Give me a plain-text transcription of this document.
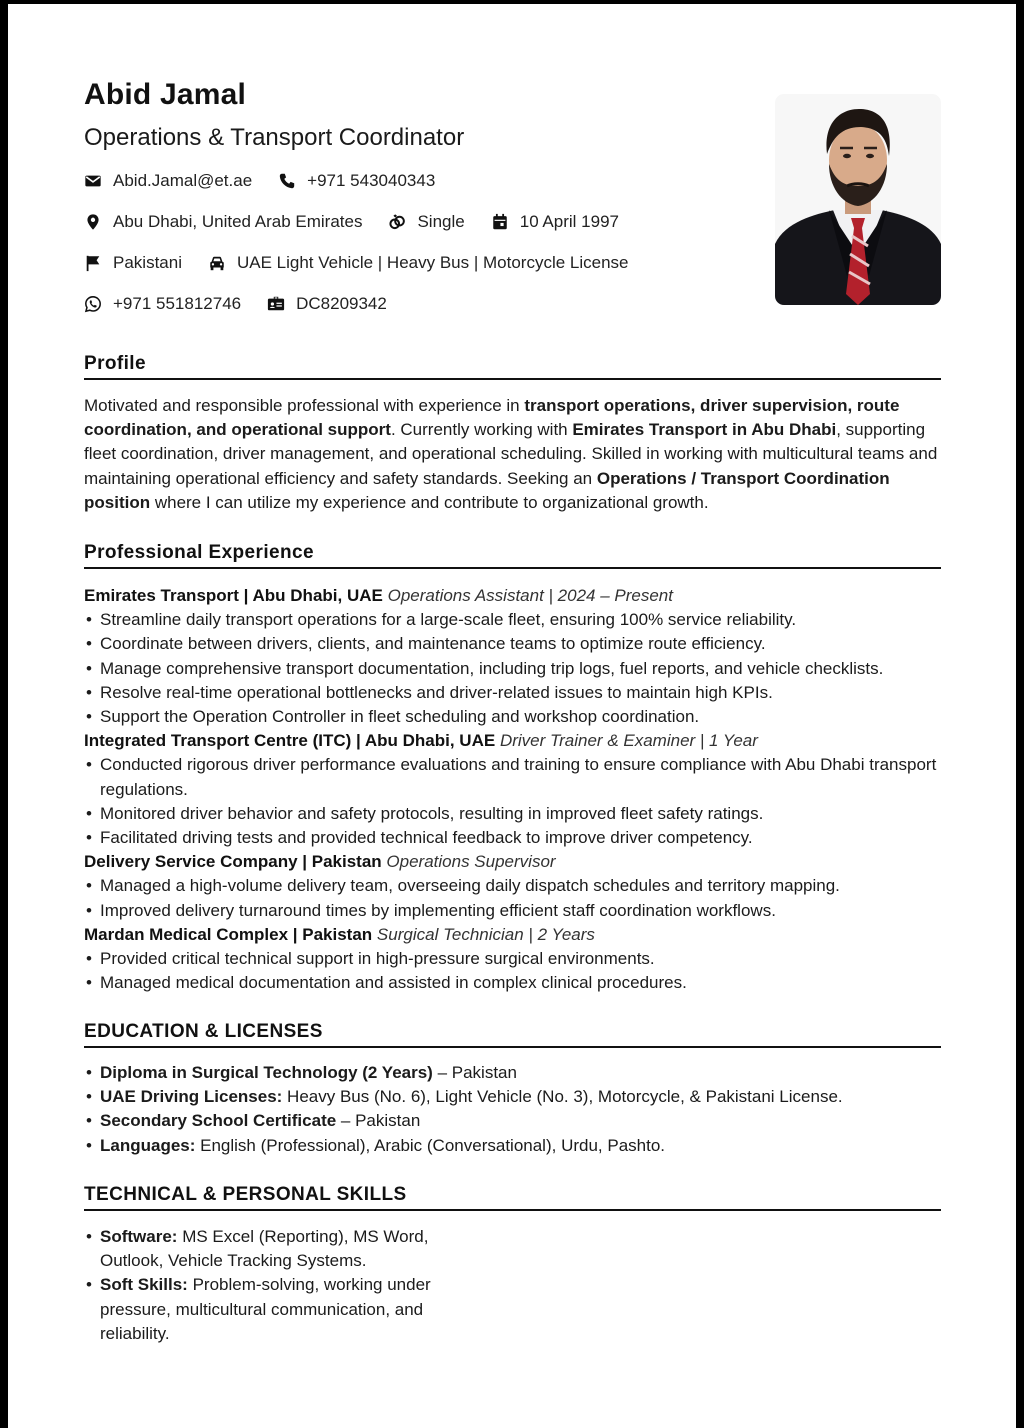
Abid Jamal
Operations & Transport Coordinator
Abid.Jamal@et.ae	+971 543040343
Abu Dhabi, United Arab Emirates	Single	10 April 1997
Pakistani	UAE Light Vehicle | Heavy Bus | Motorcycle License
+971 551812746	DC8209342
Profile
Motivated and responsible professional with experience in transport operations, driver supervision, route coordination, and operational support. Currently working with Emirates Transport in Abu Dhabi, supporting fleet coordination, driver management, and operational scheduling. Skilled in working with multicultural teams and maintaining operational efficiency and safety standards. Seeking an Operations / Transport Coordination position where I can utilize my experience and contribute to organizational growth.
Professional Experience
Emirates Transport | Abu Dhabi, UAE Operations Assistant | 2024 – Present
• Streamline daily transport operations for a large-scale fleet, ensuring 100% service reliability.
• Coordinate between drivers, clients, and maintenance teams to optimize route efficiency.
• Manage comprehensive transport documentation, including trip logs, fuel reports, and vehicle checklists.
• Resolve real-time operational bottlenecks and driver-related issues to maintain high KPIs.
• Support the Operation Controller in fleet scheduling and workshop coordination.
Integrated Transport Centre (ITC) | Abu Dhabi, UAE Driver Trainer & Examiner | 1 Year
• Conducted rigorous driver performance evaluations and training to ensure compliance with Abu Dhabi transport regulations.
• Monitored driver behavior and safety protocols, resulting in improved fleet safety ratings.
• Facilitated driving tests and provided technical feedback to improve driver competency.
Delivery Service Company | Pakistan Operations Supervisor
• Managed a high-volume delivery team, overseeing daily dispatch schedules and territory mapping.
• Improved delivery turnaround times by implementing efficient staff coordination workflows.
Mardan Medical Complex | Pakistan Surgical Technician | 2 Years
• Provided critical technical support in high-pressure surgical environments.
• Managed medical documentation and assisted in complex clinical procedures.
EDUCATION & LICENSES
• Diploma in Surgical Technology (2 Years) – Pakistan
• UAE Driving Licenses: Heavy Bus (No. 6), Light Vehicle (No. 3), Motorcycle, & Pakistani License.
• Secondary School Certificate – Pakistan
• Languages: English (Professional), Arabic (Conversational), Urdu, Pashto.
TECHNICAL & PERSONAL SKILLS
• Software: MS Excel (Reporting), MS Word, Outlook, Vehicle Tracking Systems.
• Soft Skills: Problem-solving, working under pressure, multicultural communication, and reliability.
